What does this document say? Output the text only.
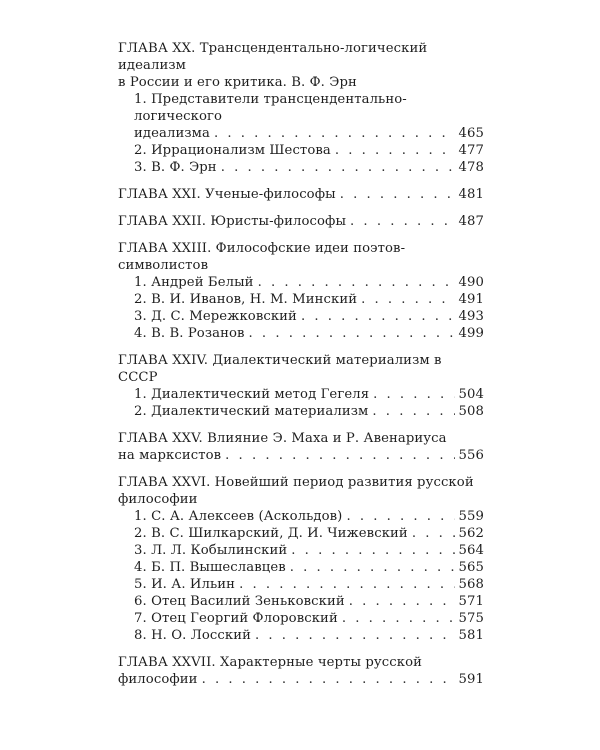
ГЛАВА XX. Трансцендентально-логический идеализм
в России и его критика. В. Ф. Эрн
1. Представители трансцендентально-логического
идеализма . . .	465
2. Иррационализм Шестова . . .	477
3. В. Ф. Эрн . . .	478
ГЛАВА XXI. Ученые-философы . . .	481
ГЛАВА XXII. Юристы-философы . . .	487
ГЛАВА XXIII. Философские идеи поэтов-символистов
1. Андрей Белый . . .	490
2. В. И. Иванов, Н. М. Минский . . .	491
3. Д. С. Мережковский . . .	493
4. В. В. Розанов . . .	499
ГЛАВА XXIV. Диалектический материализм в СССР
1. Диалектический метод Гегеля . . .	504
2. Диалектический материализм . . .	508
ГЛАВА XXV. Влияние Э. Маха и Р. Авенариуса
на марксистов . . .	556
ГЛАВА XXVI. Новейший период развития русской
философии
1. С. А. Алексеев (Аскольдов) . . .	559
2. В. С. Шилкарский, Д. И. Чижевский . . .	562
3. Л. Л. Кобылинский . . .	564
4. Б. П. Вышеславцев . . .	565
5. И. А. Ильин . . .	568
6. Отец Василий Зеньковский . . .	571
7. Отец Георгий Флоровский . . .	575
8. Н. О. Лосский . . .	581
ГЛАВА XXVII. Характерные черты русской
философии . . .	591
